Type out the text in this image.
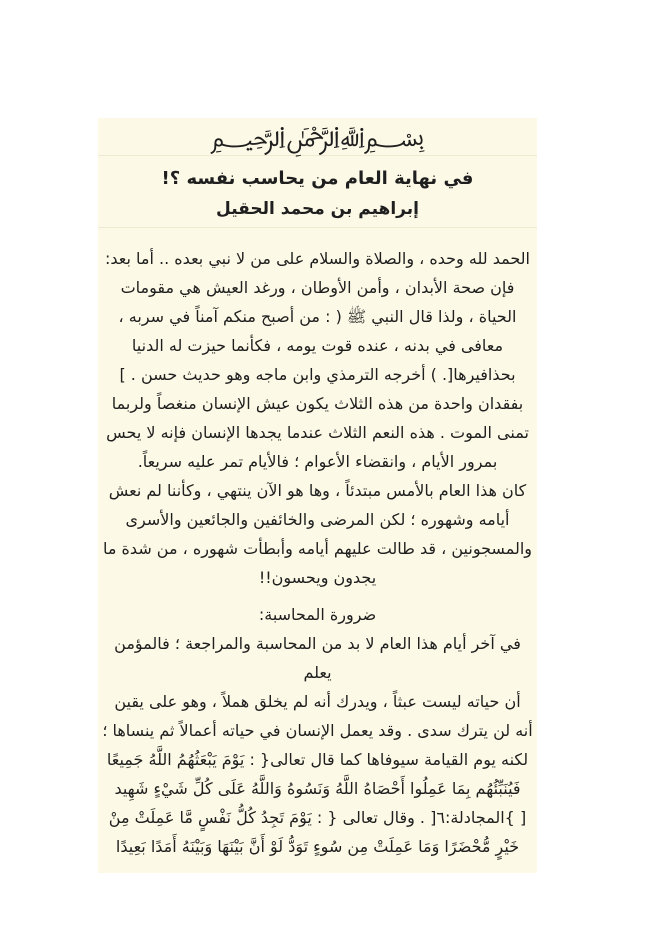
﷽
في نهاية العام من يحاسب نفسه ؟!
إبراهيم بن محمد الحقيل
الحمد لله وحده ، والصلاة والسلام على من لا نبي بعده .. أما بعد:
فإن صحة الأبدان ، وأمن الأوطان ، ورغد العيش هي مقومات
الحياة ، ولذا قال النبي ﷺ ( : من أصبح منكم آمناً في سربه ،
معافى في بدنه ، عنده قوت يومه ، فكأنما حيزت له الدنيا
بحذافيرها[. ) أخرجه الترمذي وابن ماجه وهو حديث حسن . ]
بفقدان واحدة من هذه الثلاث يكون عيش الإنسان منغصاً ولربما
تمنى الموت . هذه النعم الثلاث عندما يجدها الإنسان فإنه لا يحس
بمرور الأيام ، وانقضاء الأعوام ؛ فالأيام تمر عليه سريعاً.
كان هذا العام بالأمس مبتدئاً ، وها هو الآن ينتهي ، وكأننا لم نعش
أيامه وشهوره ؛ لكن المرضى والخائفين والجائعين والأسرى
والمسجونين ، قد طالت عليهم أيامه وأبطأت شهوره ، من شدة ما
يجدون ويحسون!!
ضرورة المحاسبة:
في آخر أيام هذا العام لا بد من المحاسبة والمراجعة ؛ فالمؤمن يعلم
أن حياته ليست عبثاً ، ويدرك أنه لم يخلق هملاً ، وهو على يقين
أنه لن يترك سدى . وقد يعمل الإنسان في حياته أعمالاً ثم ينساها ؛
لكنه يوم القيامة سيوفاها كما قال تعالى{ : يَوْمَ يَبْعَثُهُمُ اللَّهُ جَمِيعًا
فَيُنَبِّئُهُم بِمَا عَمِلُوا أَحْصَاهُ اللَّهُ وَنَسُوهُ وَاللَّهُ عَلَى كُلِّ شَيْءٍ شَهِيد
[ }المجادلة:٦[ . وقال تعالى { : يَوْمَ تَجِدُ كُلُّ نَفْسٍ مَّا عَمِلَتْ مِنْ
خَيْرٍ مُّحْضَرًا وَمَا عَمِلَتْ مِن سُوءٍ تَوَدُّ لَوْ أَنَّ بَيْنَهَا وَبَيْنَهُ أَمَدًا بَعِيدًا
